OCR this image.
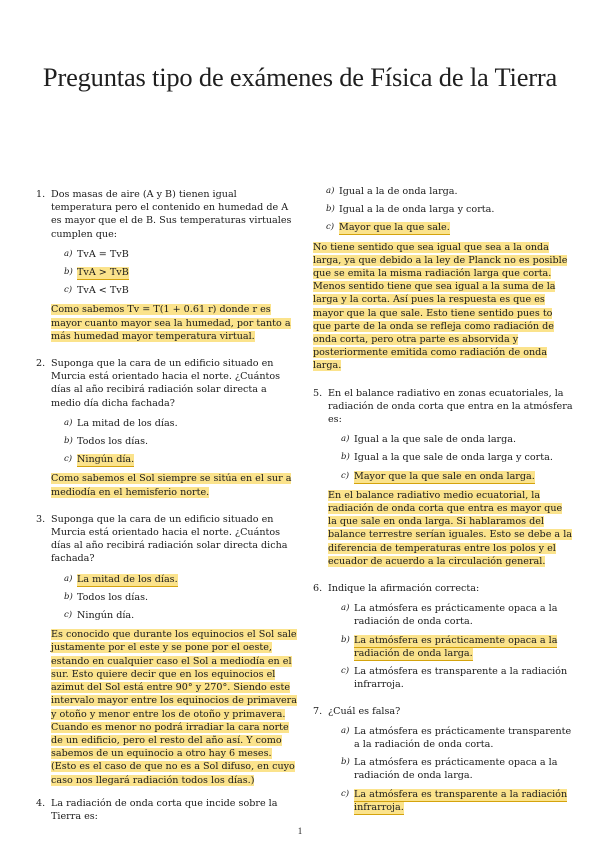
Preguntas tipo de exámenes de Física de la Tierra
1. Dos masas de aire (A y B) tienen igual temperatura pero el contenido en humedad de A es mayor que el de B. Sus temperaturas virtuales cumplen que:
a) TvA = TvB
b) TvA > TvB
c) TvA < TvB
Como sabemos Tv = T(1 + 0.61 r) donde r es mayor cuanto mayor sea la humedad, por tanto a más humedad mayor temperatura virtual.
2. Suponga que la cara de un edificio situado en Murcia está orientado hacia el norte. ¿Cuántos días al año recibirá radiación solar directa a medio día dicha fachada?
a) La mitad de los días.
b) Todos los días.
c) Ningún día.
Como sabemos el Sol siempre se sitúa en el sur a mediodía en el hemisferio norte.
3. Suponga que la cara de un edificio situado en Murcia está orientado hacia el norte. ¿Cuántos días al año recibirá radiación solar directa dicha fachada?
a) La mitad de los días.
b) Todos los días.
c) Ningún día.
Es conocido que durante los equinocios el Sol sale justamente por el este y se pone por el oeste, estando en cualquier caso el Sol a mediodía en el sur. Esto quiere decir que en los equinocios el azimut del Sol está entre 90° y 270°. Siendo este intervalo mayor entre los equinocios de primavera y otoño y menor entre los de otoño y primavera. Cuando es menor no podrá irradiar la cara norte de un edificio, pero el resto del año así. Y como sabemos de un equinocio a otro hay 6 meses. (Esto es el caso de que no es a Sol difuso, en cuyo caso nos llegará radiación todos los días.)
4. La radiación de onda corta que incide sobre la Tierra es:
a) Igual a la de onda larga.
b) Igual a la de onda larga y corta.
c) Mayor que la que sale.
No tiene sentido que sea igual que sea a la onda larga, ya que debido a la ley de Planck no es posible que se emita la misma radiación larga que corta. Menos sentido tiene que sea igual a la suma de la larga y la corta. Así pues la respuesta es que es mayor que la que sale. Esto tiene sentido pues to que parte de la onda se refleja como radiación de onda corta, pero otra parte es absorvida y posteriormente emitida como radiación de onda larga.
5. En el balance radiativo en zonas ecuatoriales, la radiación de onda corta que entra en la atmósfera es:
a) Igual a la que sale de onda larga.
b) Igual a la que sale de onda larga y corta.
c) Mayor que la que sale en onda larga.
En el balance radiativo medio ecuatorial, la radiación de onda corta que entra es mayor que la que sale en onda larga. Si hablaramos del balance terrestre serían iguales. Esto se debe a la diferencia de temperaturas entre los polos y el ecuador de acuerdo a la circulación general.
6. Indique la afirmación correcta:
a) La atmósfera es prácticamente opaca a la radiación de onda corta.
b) La atmósfera es prácticamente opaca a la radiación de onda larga.
c) La atmósfera es transparente a la radiación infrarroja.
7. ¿Cuál es falsa?
a) La atmósfera es prácticamente transparente a la radiación de onda corta.
b) La atmósfera es prácticamente opaca a la radiación de onda larga.
c) La atmósfera es transparente a la radiación infrarroja.
1
